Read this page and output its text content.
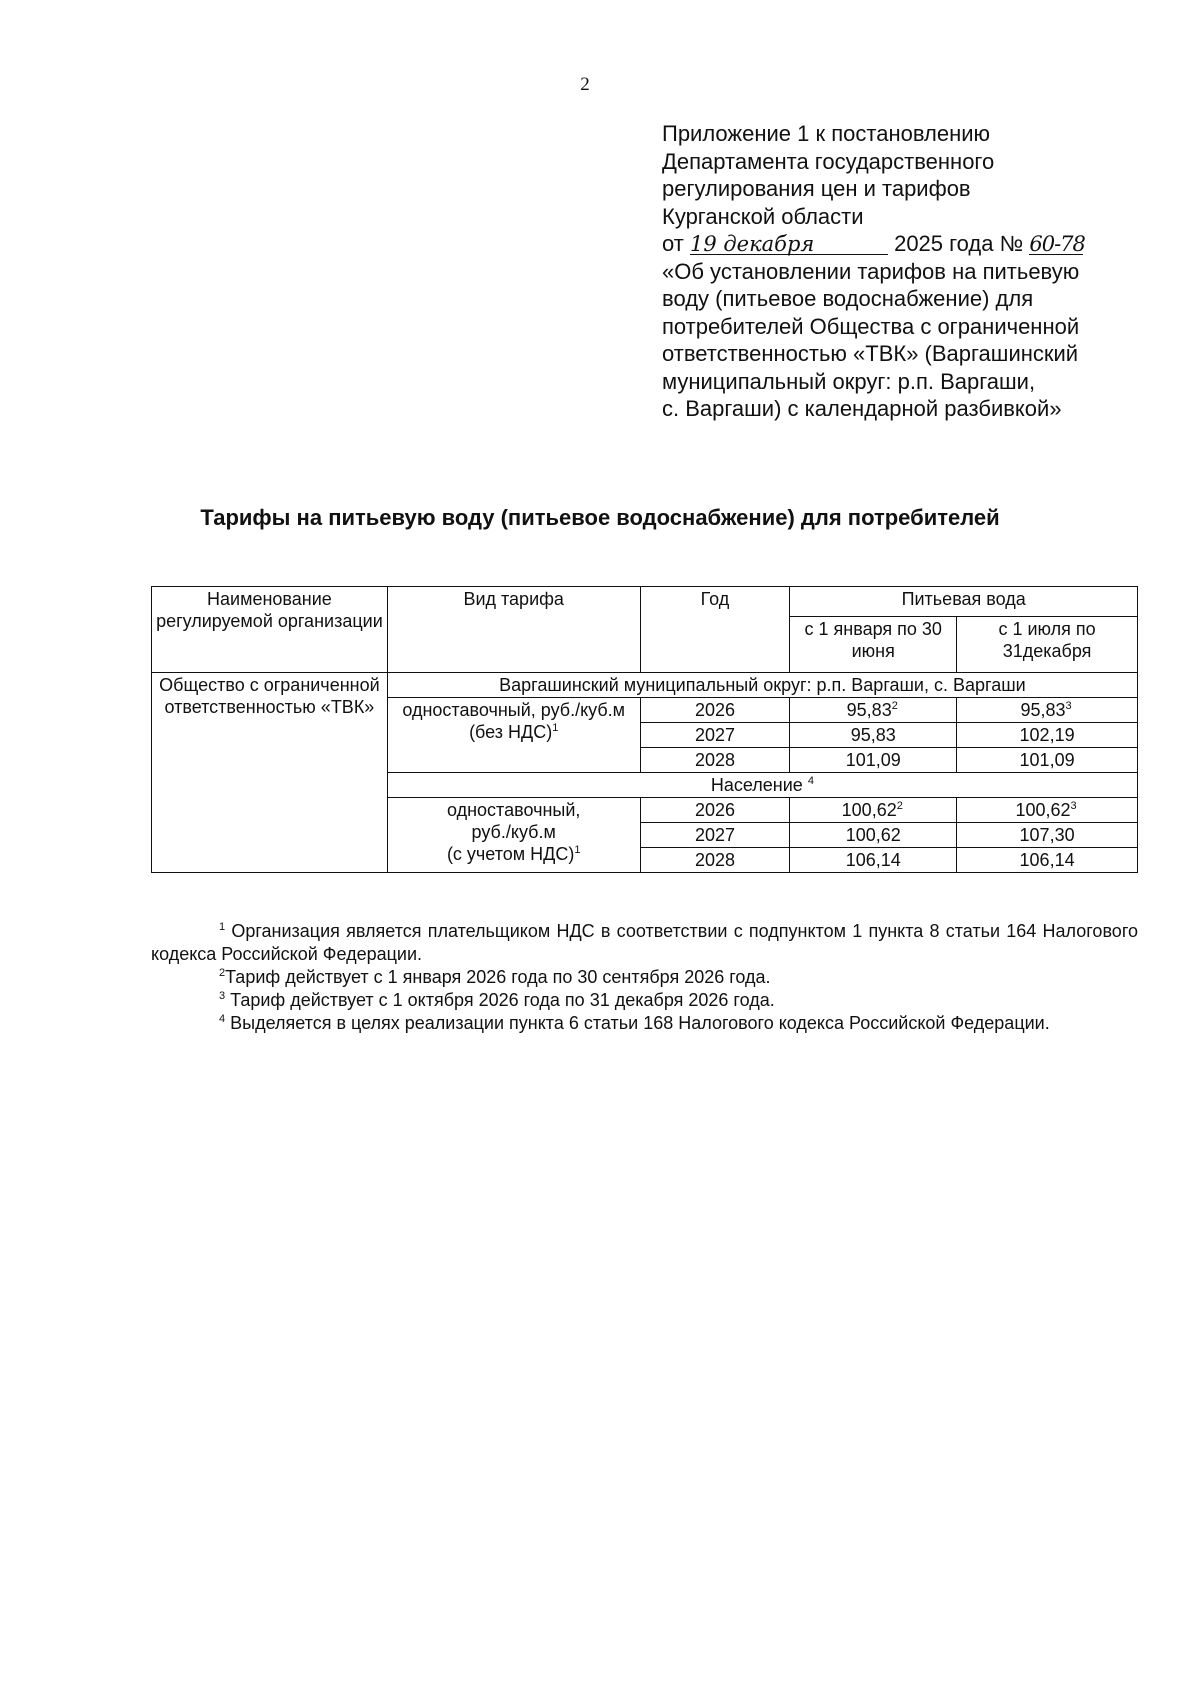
2
Приложение 1 к постановлению
Департамента государственного
регулирования цен и тарифов
Курганской области
от 19 декабря	2025 года № 60-78
«Об установлении тарифов на питьевую
воду (питьевое водоснабжение) для
потребителей Общества с ограниченной
ответственностью «ТВК» (Варгашинский
муниципальный округ: р.п. Варгаши,
с. Варгаши) с календарной разбивкой»
Тарифы на питьевую воду (питьевое водоснабжение) для потребителей
Наименование регулируемой организации	Вид тарифа	Год	Питьевая вода	
			с 1 января по 30 июня	с 1 июля по 31декабря
Общество с ограниченной ответственностью «ТВК»	Варгашинский муниципальный округ: р.п. Варгаши, с. Варгаши			
	одноставочный, руб./куб.м (без НДС)$^1$	2026	95,83$^2$	95,83$^3$
		2027	95,83	102,19
		2028	101,09	101,09
	Население $^4$

	одноставочный,
руб./куб.м
(с учетом НДС)$^1$	2026	100,62$^2$	100,62$^3$
		2027	100,62	107,30
		2028	106,14	106,14
$^1$ Организация является плательщиком НДС в соответствии с подпунктом 1 пункта 8 статьи 164 Налогового кодекса Российской Федерации.
$^2$Тариф действует с 1 января 2026 года по 30 сентября 2026 года.
$^3$ Тариф действует с 1 октября 2026 года по 31 декабря 2026 года.
$^4$ Выделяется в целях реализации пункта 6 статьи 168 Налогового кодекса Российской Федерации.
